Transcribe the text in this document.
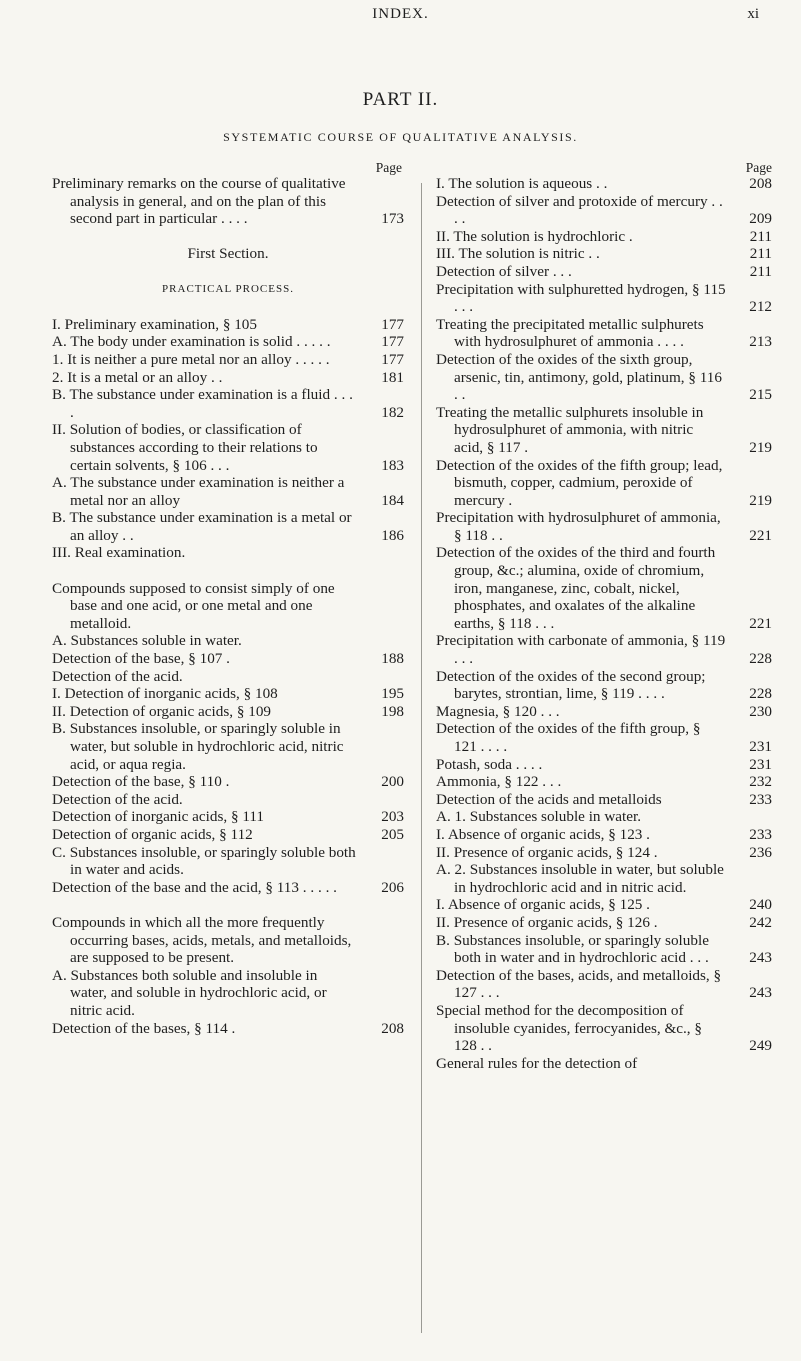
INDEX.	xi
PART II.
SYSTEMATIC COURSE OF QUALITATIVE ANALYSIS.
Page	Page
Preliminary remarks on the course of qualitative analysis in general, and on the plan of this second part in particular . . . .	173
First Section.
PRACTICAL PROCESS.
I. Preliminary examination, § 105	177
A. The body under examination is solid . . . . .	177
1. It is neither a pure metal nor an alloy . . . . .	177
2. It is a metal or an alloy . .	181
B. The substance under examination is a fluid . . . .	182
II. Solution of bodies, or classification of substances according to their relations to certain solvents, § 106 . . .	183
A. The substance under examination is neither a metal nor an alloy	184
B. The substance under examination is a metal or an alloy . .	186
III. Real examination.
Compounds supposed to consist simply of one base and one acid, or one metal and one metalloid.
A. Substances soluble in water.
Detection of the base, § 107 .	188
Detection of the acid.
I. Detection of inorganic acids, § 108	195
II. Detection of organic acids, § 109	198
B. Substances insoluble, or sparingly soluble in water, but soluble in hydrochloric acid, nitric acid, or aqua regia.
Detection of the base, § 110 .	200
Detection of the acid.
Detection of inorganic acids, § 111	203
Detection of organic acids, § 112	205
C. Substances insoluble, or sparingly soluble both in water and acids.
Detection of the base and the acid, § 113 . . . . .	206
Compounds in which all the more frequently occurring bases, acids, metals, and metalloids, are supposed to be present.
A. Substances both soluble and insoluble in water, and soluble in hydrochloric acid, or nitric acid.
Detection of the bases, § 114 .	208
I. The solution is aqueous . .	208
Detection of silver and protoxide of mercury . . . .	209
II. The solution is hydrochloric .	211
III. The solution is nitric . .	211
Detection of silver . . .	211
Precipitation with sulphuretted hydrogen, § 115 . . .	212
Treating the precipitated metallic sulphurets with hydrosulphuret of ammonia . . . .	213
Detection of the oxides of the sixth group, arsenic, tin, antimony, gold, platinum, § 116 . .	215
Treating the metallic sulphurets insoluble in hydrosulphuret of ammonia, with nitric acid, § 117 .	219
Detection of the oxides of the fifth group; lead, bismuth, copper, cadmium, peroxide of mercury .	219
Precipitation with hydrosulphuret of ammonia, § 118 . .	221
Detection of the oxides of the third and fourth group, &c.; alumina, oxide of chromium, iron, manganese, zinc, cobalt, nickel, phosphates, and oxalates of the alkaline earths, § 118 . . .	221
Precipitation with carbonate of ammonia, § 119 . . .	228
Detection of the oxides of the second group; barytes, strontian, lime, § 119 . . . .	228
Magnesia, § 120 . . .	230
Detection of the oxides of the fifth group, § 121 . . . .	231
Potash, soda . . . .	231
Ammonia, § 122 . . .	232
Detection of the acids and metalloids	233
A. 1. Substances soluble in water.
I. Absence of organic acids, § 123 .	233
II. Presence of organic acids, § 124 .	236
A. 2. Substances insoluble in water, but soluble in hydrochloric acid and in nitric acid.
I. Absence of organic acids, § 125 .	240
II. Presence of organic acids, § 126 .	242
B. Substances insoluble, or sparingly soluble both in water and in hydrochloric acid . . .	243
Detection of the bases, acids, and metalloids, § 127 . . .	243
Special method for the decomposition of insoluble cyanides, ferrocyanides, &c., § 128 . .	249
General rules for the detection of
